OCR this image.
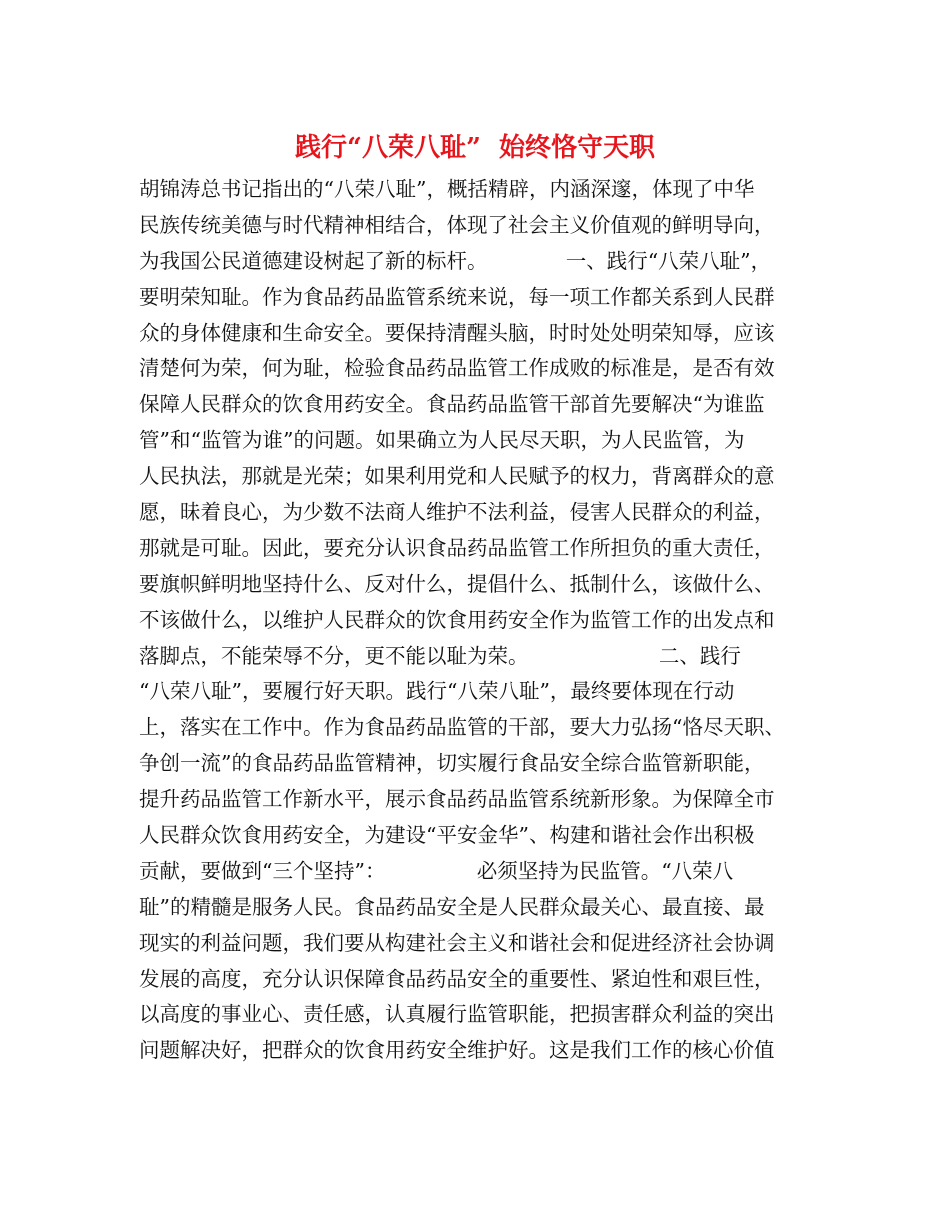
践行“八荣八耻”  始终恪守天职
胡锦涛总书记指出的“八荣八耻”，概括精辟，内涵深邃，体现了中华
民族传统美德与时代精神相结合，体现了社会主义价值观的鲜明导向，
为我国公民道德建设树起了新的标杆。            一、践行“八荣八耻”，
要明荣知耻。作为食品药品监管系统来说，每一项工作都关系到人民群
众的身体健康和生命安全。要保持清醒头脑，时时处处明荣知辱，应该
清楚何为荣，何为耻，检验食品药品监管工作成败的标准是，是否有效
保障人民群众的饮食用药安全。食品药品监管干部首先要解决“为谁监
管”和“监管为谁”的问题。如果确立为人民尽天职，为人民监管，为
人民执法，那就是光荣；如果利用党和人民赋予的权力，背离群众的意
愿，昧着良心，为少数不法商人维护不法利益，侵害人民群众的利益，
那就是可耻。因此，要充分认识食品药品监管工作所担负的重大责任，
要旗帜鲜明地坚持什么、反对什么，提倡什么、抵制什么，该做什么、
不该做什么，以维护人民群众的饮食用药安全作为监管工作的出发点和
落脚点，不能荣辱不分，更不能以耻为荣。                    二、践行
“八荣八耻”，要履行好天职。践行“八荣八耻”，最终要体现在行动
上，落实在工作中。作为食品药品监管的干部，要大力弘扬“恪尽天职、
争创一流”的食品药品监管精神，切实履行食品安全综合监管新职能，
提升药品监管工作新水平，展示食品药品监管系统新形象。为保障全市
人民群众饮食用药安全，为建设“平安金华”、构建和谐社会作出积极
贡献，要做到“三个坚持”：              必须坚持为民监管。“八荣八
耻”的精髓是服务人民。食品药品安全是人民群众最关心、最直接、最
现实的利益问题，我们要从构建社会主义和谐社会和促进经济社会协调
发展的高度，充分认识保障食品药品安全的重要性、紧迫性和艰巨性，
以高度的事业心、责任感，认真履行监管职能，把损害群众利益的突出
问题解决好，把群众的饮食用药安全维护好。这是我们工作的核心价值
